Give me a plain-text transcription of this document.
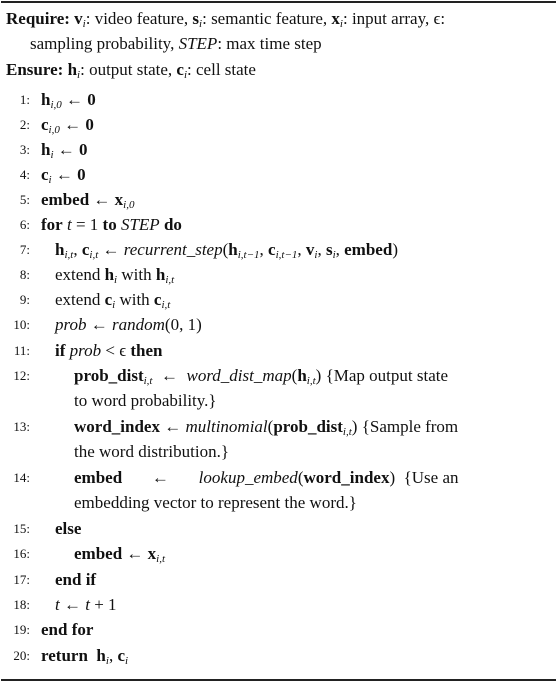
Require: $v_i$: video feature, $s_i$: semantic feature, $x_i$: input array, ϵ:
sampling probability, STEP: max time step
Ensure: $h_i$: output state, $c_i$: cell state
1: $h_{i,0}$ ← 0
2: $c_{i,0}$ ← 0
3: $h_i$ ← 0
4: $c_i$ ← 0
5: embed ← $x_{i,0}$
6: for t = 1 to STEP do
7: $h_{i,t}$, $c_{i,t}$ ← $recurrent\_step(h_{i,t-1}$, $c_{i,t-1}$, $v_i$, $s_i$, embed)
8: extend $h_i$ with $h_{i,t}$
9: extend $c_i$ with $c_{i,t}$
10: prob ← random(0, 1)
11: if prob < ϵ then
12:	prob_dist$_{i,t}$  ←  $word\_dist\_map(h_{i,t})$ {Map output state
to word probability.}
13:	word_index ← multinomial(prob_dist$_{i,t}$) {Sample from
the word distribution.}
14:	embed       ←       lookup_embed(word_index)  {Use an
embedding vector to represent the word.}
15: else
16:	embed ← $x_{i,t}$
17: end if
18: t ← t + 1
19: end for
20: return $h_i$, $c_i$
